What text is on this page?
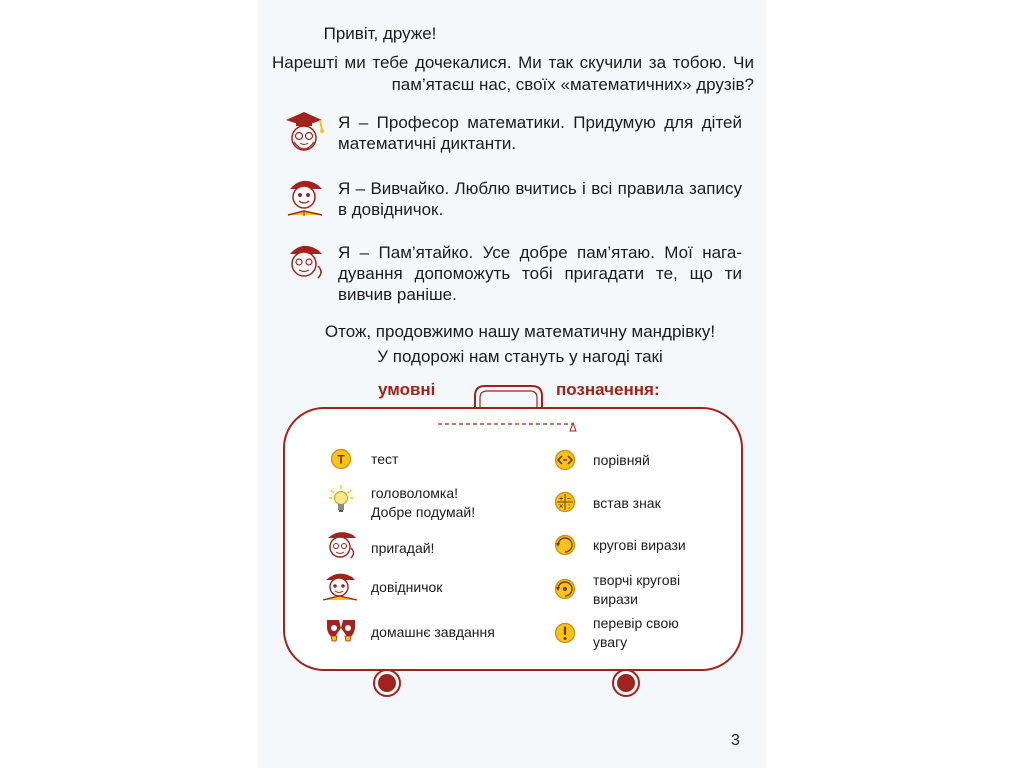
Привіт, друже!
Нарешті ми тебе дочекалися. Ми так скучили за тобою. Чи пам’ятаєш нас, своїх «математичних» друзів?
Я – Професор математики. Придумую для дітей математичні диктанти.
Я – Вивчайко. Люблю вчитись і всі правила запису в довідничок.
Я – Пам’ятайко. Усе добре пам’ятаю. Мої нага-дування допоможуть тобі пригадати те, що ти вивчив раніше.
Отож, продовжимо нашу математичну мандрівку!
У подорожі нам стануть у нагоді такі
умовні	позначення:
T тест
головоломка!
Добре подумай!
пригадай!
довідничок
домашнє завдання
порівняй
+ −
× : встав знак
кругові вирази
творчі кругові
вирази
перевір свою
увагу
3
